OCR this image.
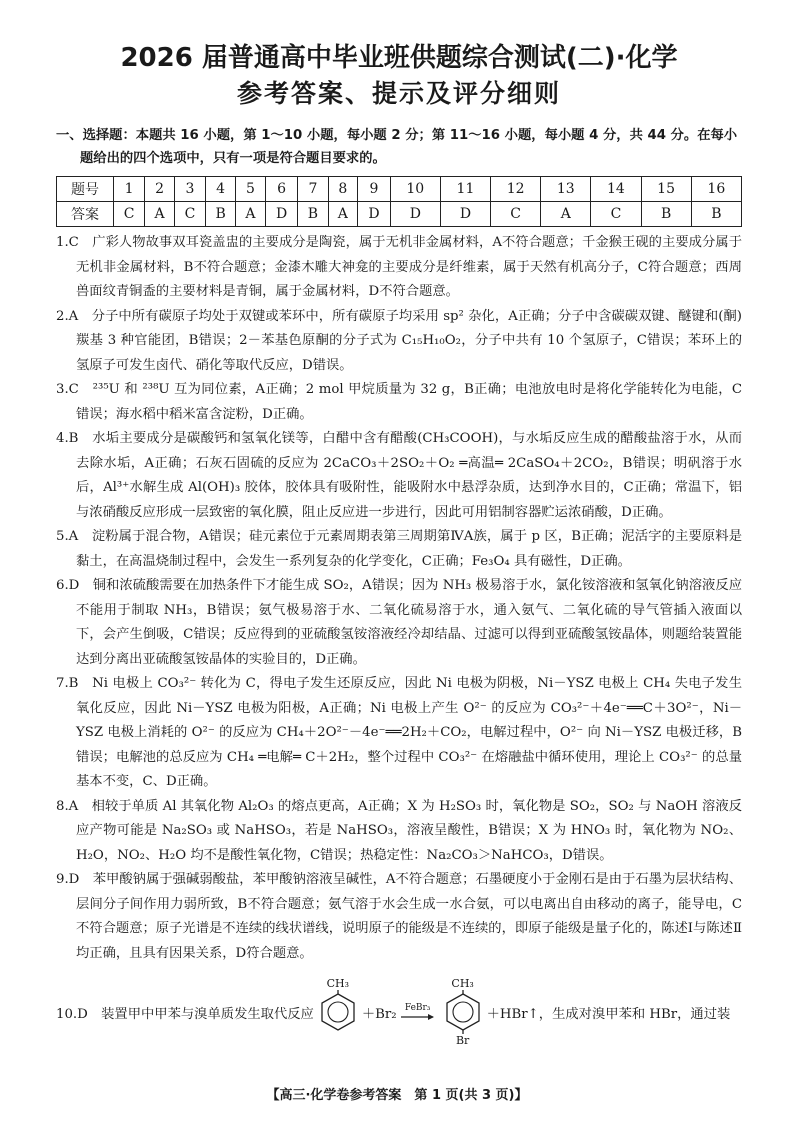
2026 届普通高中毕业班供题综合测试(二)·化学
参考答案、提示及评分细则
一、选择题：本题共 16 小题，第 1～10 小题，每小题 2 分；第 11～16 小题，每小题 4 分，共 44 分。在每小题给出的四个选项中，只有一项是符合题目要求的。
题号	1	2	3	4	5	6	7	8	9	10	11	12	13	14	15	16
答案	C	A	C	B	A	D	B	A	D	D	D	C	A	C	B	B

1.C　广彩人物故事双耳瓷盖盅的主要成分是陶瓷，属于无机非金属材料，A不符合题意；千金猴王砚的主要成分属于无机非金属材料，B不符合题意；金漆木雕大神龛的主要成分是纤维素，属于天然有机高分子，C符合题意；西周兽面纹青铜盉的主要材料是青铜，属于金属材料，D不符合题意。

2.A　分子中所有碳原子均处于双键或苯环中，所有碳原子均采用 sp² 杂化，A正确；分子中含碳碳双键、醚键和(酮)羰基 3 种官能团，B错误；2－苯基色原酮的分子式为 C₁₅H₁₀O₂，分子中共有 10 个氢原子，C错误；苯环上的氢原子可发生卤代、硝化等取代反应，D错误。

3.C　²³⁵U 和 ²³⁸U 互为同位素，A正确；2 mol 甲烷质量为 32 g，B正确；电池放电时是将化学能转化为电能，C错误；海水稻中稻米富含淀粉，D正确。

4.B　水垢主要成分是碳酸钙和氢氧化镁等，白醋中含有醋酸(CH₃COOH)，与水垢反应生成的醋酸盐溶于水，从而去除水垢，A正确；石灰石固硫的反应为 2CaCO₃＋2SO₂＋O₂ ═高温═ 2CaSO₄＋2CO₂，B错误；明矾溶于水后，Al³⁺水解生成 Al(OH)₃ 胶体，胶体具有吸附性，能吸附水中悬浮杂质，达到净水目的，C正确；常温下，铝与浓硝酸反应形成一层致密的氧化膜，阻止反应进一步进行，因此可用铝制容器贮运浓硝酸，D正确。

5.A　淀粉属于混合物，A错误；硅元素位于元素周期表第三周期第ⅣA族，属于 p 区，B正确；泥活字的主要原料是黏土，在高温烧制过程中，会发生一系列复杂的化学变化，C正确；Fe₃O₄ 具有磁性，D正确。

6.D　铜和浓硫酸需要在加热条件下才能生成 SO₂，A错误；因为 NH₃ 极易溶于水，氯化铵溶液和氢氧化钠溶液反应不能用于制取 NH₃，B错误；氨气极易溶于水、二氧化硫易溶于水，通入氨气、二氧化硫的导气管插入液面以下，会产生倒吸，C错误；反应得到的亚硫酸氢铵溶液经冷却结晶、过滤可以得到亚硫酸氢铵晶体，则题给装置能达到分离出亚硫酸氢铵晶体的实验目的，D正确。

7.B　Ni 电极上 CO₃²⁻ 转化为 C，得电子发生还原反应，因此 Ni 电极为阴极，Ni－YSZ 电极上 CH₄ 失电子发生氧化反应，因此 Ni－YSZ 电极为阳极，A正确；Ni 电极上产生 O²⁻ 的反应为 CO₃²⁻＋4e⁻══C＋3O²⁻，Ni－YSZ 电极上消耗的 O²⁻ 的反应为 CH₄＋2O²⁻－4e⁻══2H₂＋CO₂，电解过程中，O²⁻ 向 Ni－YSZ 电极迁移，B错误；电解池的总反应为 CH₄ ═电解═ C＋2H₂，整个过程中 CO₃²⁻ 在熔融盐中循环使用，理论上 CO₃²⁻ 的总量基本不变，C、D正确。

8.A　相较于单质 Al 其氧化物 Al₂O₃ 的熔点更高，A正确；X 为 H₂SO₃ 时，氧化物是 SO₂，SO₂ 与 NaOH 溶液反应产物可能是 Na₂SO₃ 或 NaHSO₃，若是 NaHSO₃，溶液呈酸性，B错误；X 为 HNO₃ 时，氧化物为 NO₂、H₂O，NO₂、H₂O 均不是酸性氧化物，C错误；热稳定性：Na₂CO₃＞NaHCO₃，D错误。

9.D　苯甲酸钠属于强碱弱酸盐，苯甲酸钠溶液呈碱性，A不符合题意；石墨硬度小于金刚石是由于石墨为层状结构、层间分子间作用力弱所致，B不符合题意；氨气溶于水会生成一水合氨，可以电离出自由移动的离子，能导电，C不符合题意；原子光谱是不连续的线状谱线，说明原子的能级是不连续的，即原子能级是量子化的，陈述Ⅰ与陈述Ⅱ均正确，且具有因果关系，D符合题意。

10.D　装置甲中甲苯与溴单质发生取代反应
CH₃
＋Br₂ FeBr₃
CH₃
Br
＋HBr↑，生成对溴甲苯和 HBr，通过装
【高三·化学卷参考答案　第 1 页(共 3 页)】
